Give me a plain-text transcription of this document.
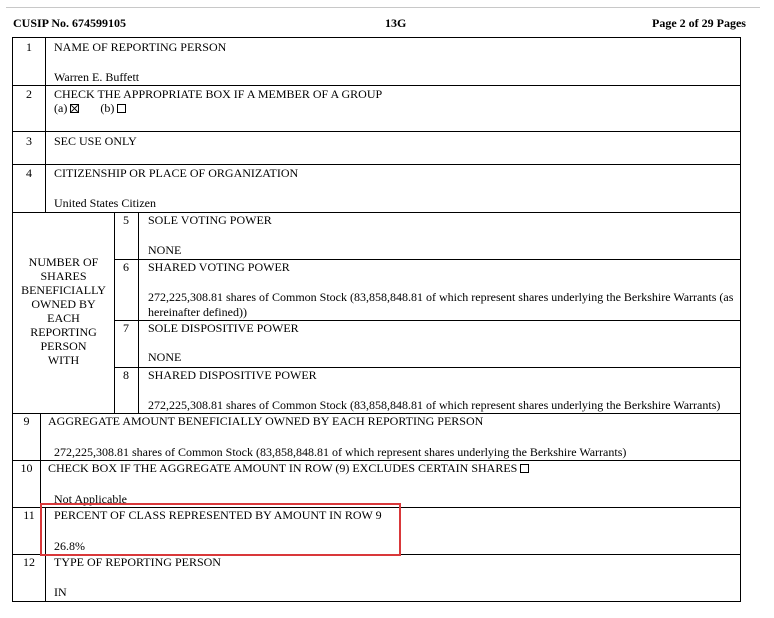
CUSIP No. 674599105	13G	Page 2 of 29 Pages
1	NAME OF REPORTING PERSON
Warren E. Buffett
2	CHECK THE APPROPRIATE BOX IF A MEMBER OF A GROUP
(a)	(b)
3	SEC USE ONLY
4	CITIZENSHIP OR PLACE OF ORGANIZATION
United States Citizen
NUMBER OF
SHARES
BENEFICIALLY
OWNED BY
EACH
REPORTING
PERSON
WITH
5	SOLE VOTING POWER
NONE
6	SHARED VOTING POWER
272,225,308.81 shares of Common Stock (83,858,848.81 of which represent shares underlying the Berkshire Warrants (as hereinafter defined))
7	SOLE DISPOSITIVE POWER
NONE
8	SHARED DISPOSITIVE POWER
272,225,308.81 shares of Common Stock (83,858,848.81 of which represent shares underlying the Berkshire Warrants)
9	AGGREGATE AMOUNT BENEFICIALLY OWNED BY EACH REPORTING PERSON
272,225,308.81 shares of Common Stock (83,858,848.81 of which represent shares underlying the Berkshire Warrants)
10	CHECK BOX IF THE AGGREGATE AMOUNT IN ROW (9) EXCLUDES CERTAIN SHARES
Not Applicable
11	PERCENT OF CLASS REPRESENTED BY AMOUNT IN ROW 9
26.8%
12	TYPE OF REPORTING PERSON
IN
